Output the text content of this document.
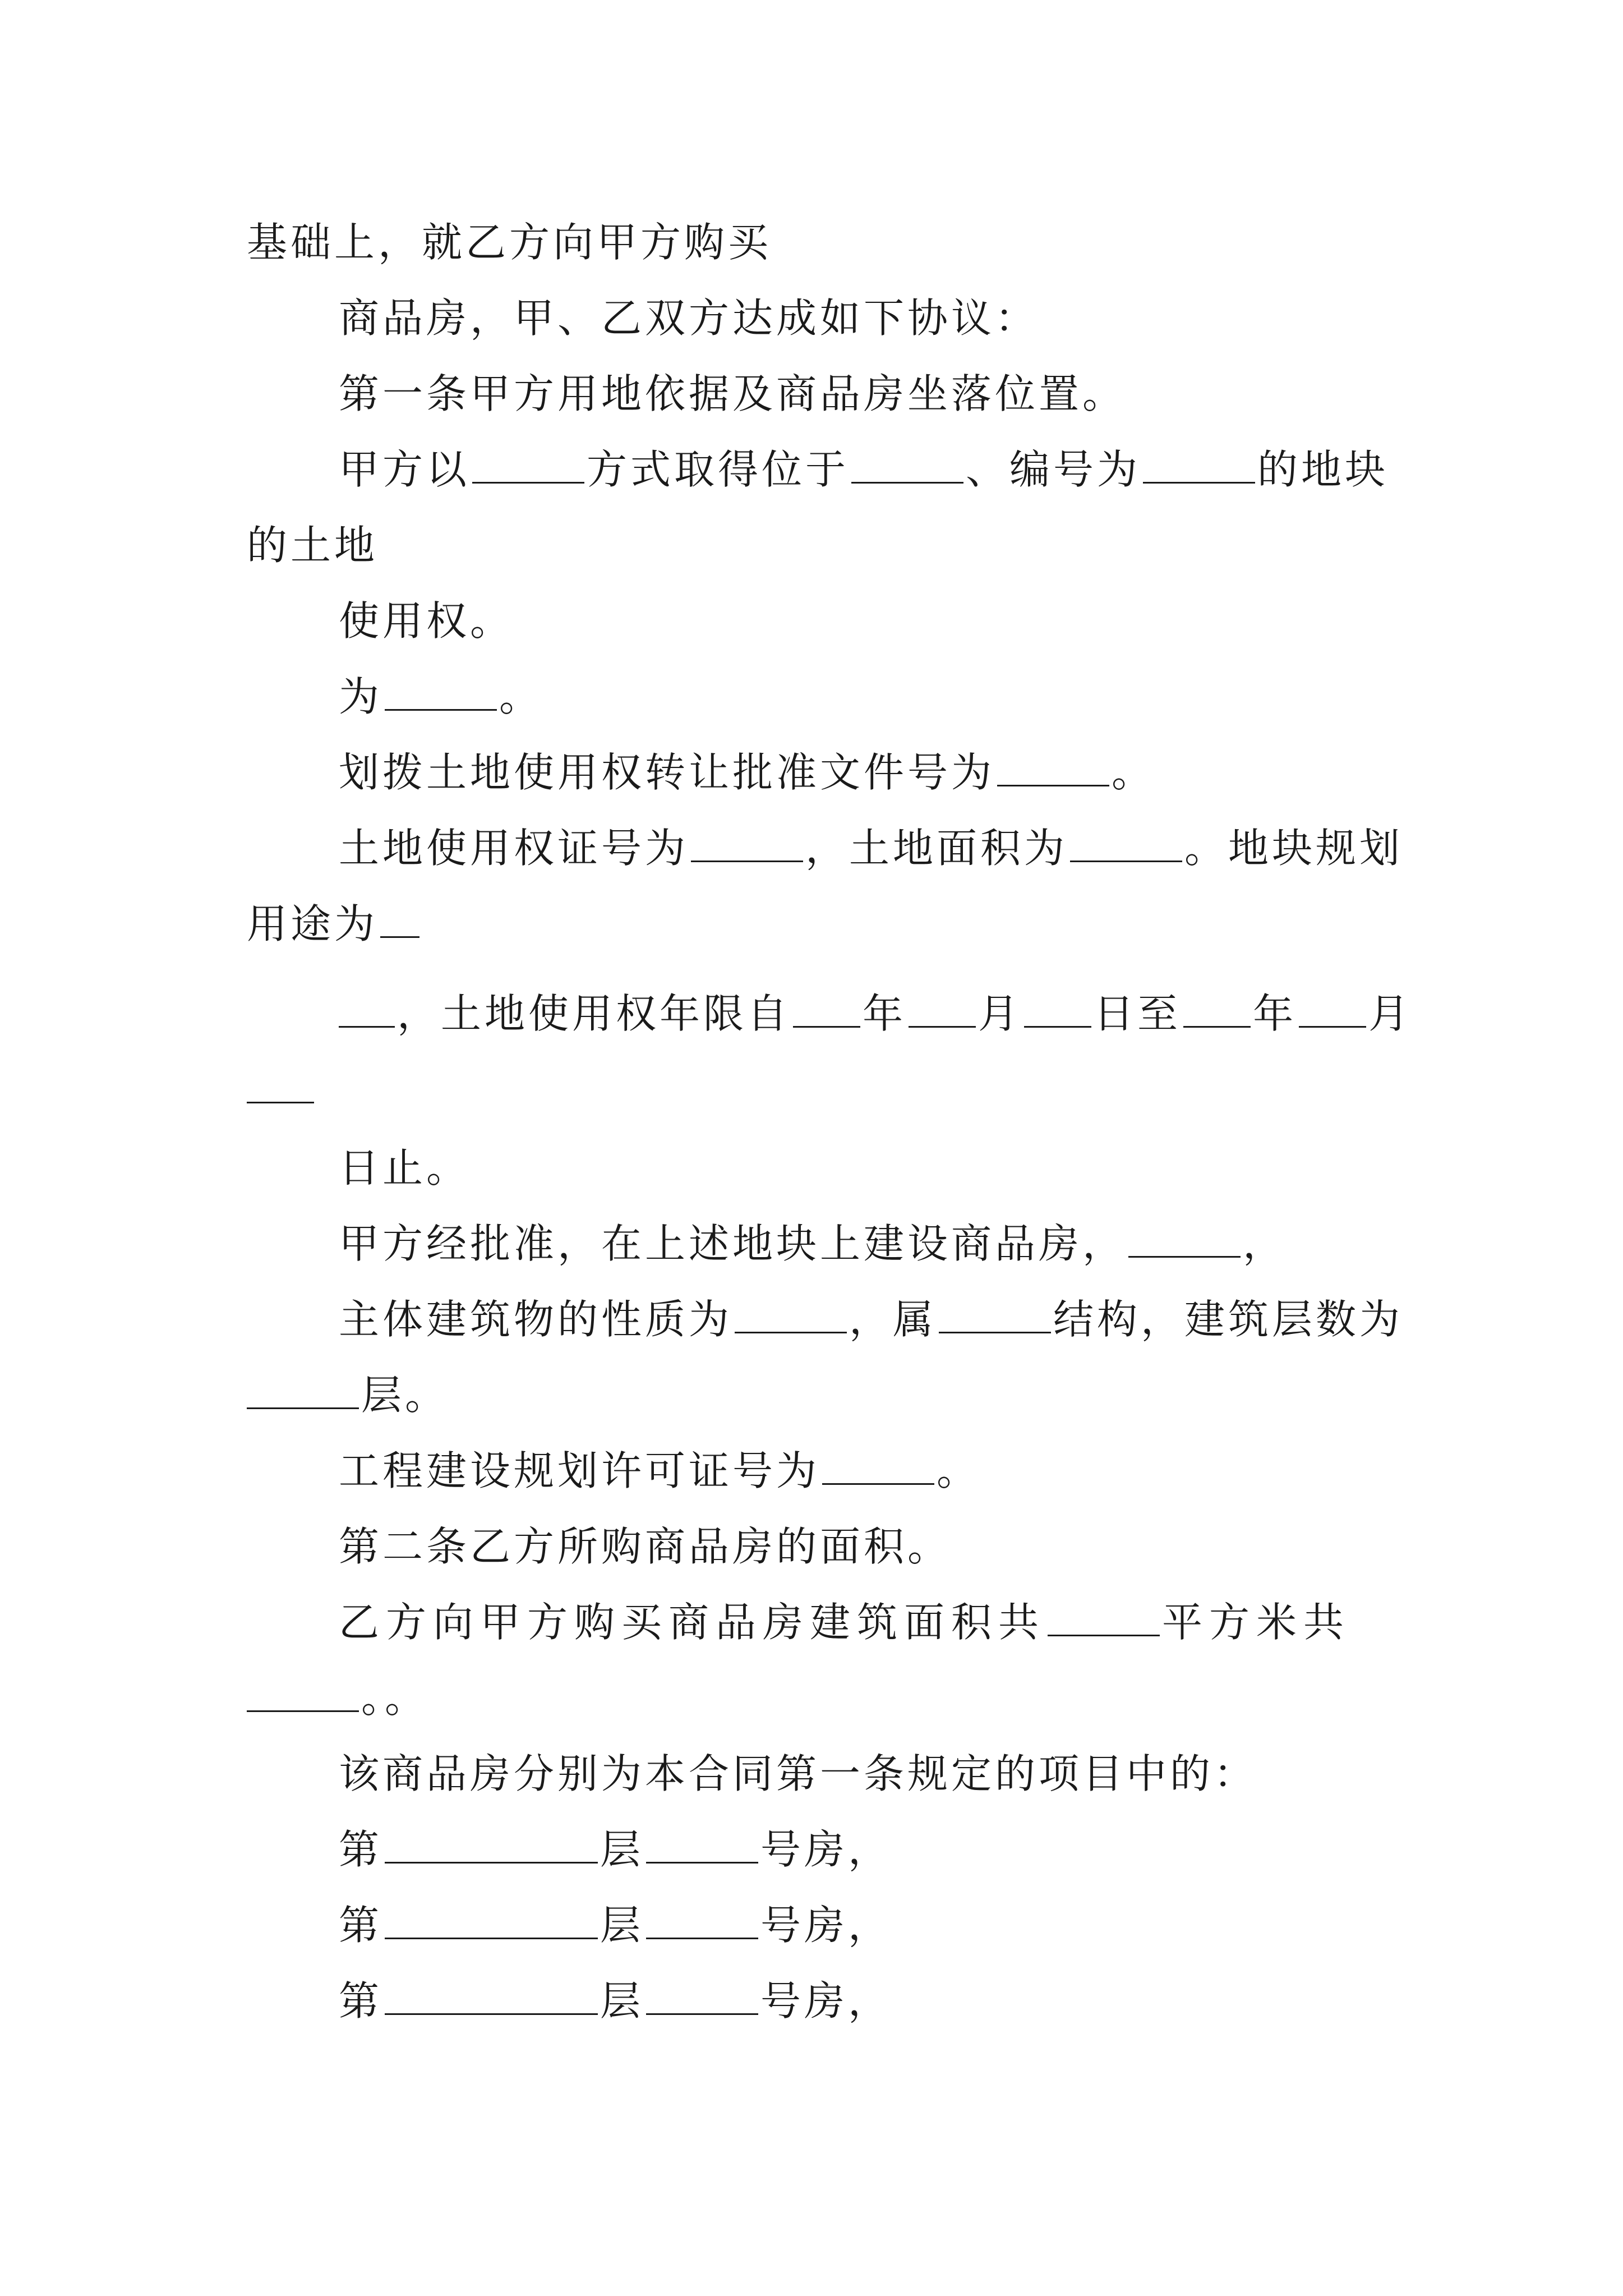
基础上，就乙方向甲方购买
商品房，甲、乙双方达成如下协议：
第一条甲方用地依据及商品房坐落位置。
甲方以	方式取得位于	、编号为	的地块
的土地
使用权。
为	。
划拨土地使用权转让批准文件号为	。
土地使用权证号为	，土地面积为	。地块规划
用途为
，土地使用权年限自 年 月 日至 年 月
日止。
甲方经批准，在上述地块上建设商品房，	，
主体建筑物的性质为	，属	结构，建筑层数为
层。
工程建设规划许可证号为	。
第二条乙方所购商品房的面积。
乙方向甲方购买商品房建筑面积共	平方米共
。。
该商品房分别为本合同第一条规定的项目中的：
第	层	号房，
第	层	号房，
第	层	号房，
